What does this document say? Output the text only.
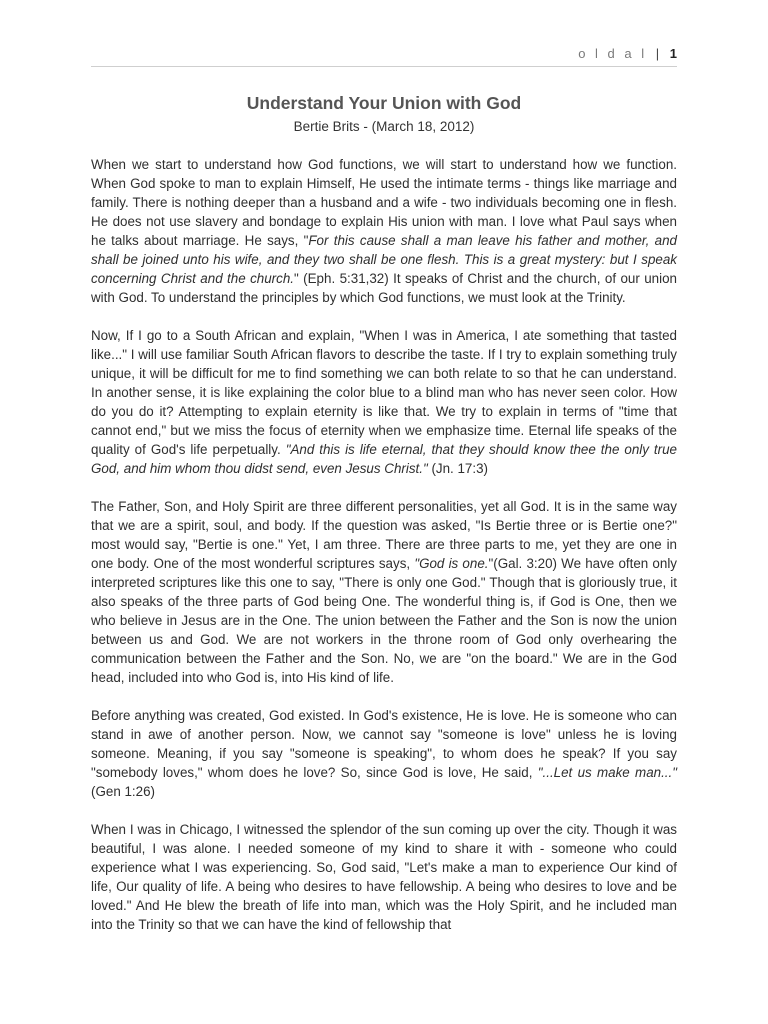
o l d a l | 1
Understand Your Union with God
Bertie Brits - (March 18, 2012)

When we start to understand how God functions, we will start to understand how we function. When God spoke to man to explain Himself, He used the intimate terms - things like marriage and family. There is nothing deeper than a husband and a wife - two individuals becoming one in flesh. He does not use slavery and bondage to explain His union with man. I love what Paul says when he talks about marriage. He says, "For this cause shall a man leave his father and mother, and shall be joined unto his wife, and they two shall be one flesh. This is a great mystery: but I speak concerning Christ and the church." (Eph. 5:31,32) It speaks of Christ and the church, of our union with God. To understand the principles by which God functions, we must look at the Trinity.

Now, If I go to a South African and explain, "When I was in America, I ate something that tasted like..." I will use familiar South African flavors to describe the taste. If I try to explain something truly unique, it will be difficult for me to find something we can both relate to so that he can understand. In another sense, it is like explaining the color blue to a blind man who has never seen color. How do you do it? Attempting to explain eternity is like that. We try to explain in terms of "time that cannot end," but we miss the focus of eternity when we emphasize time. Eternal life speaks of the quality of God's life perpetually. "And this is life eternal, that they should know thee the only true God, and him whom thou didst send, even Jesus Christ." (Jn. 17:3)

The Father, Son, and Holy Spirit are three different personalities, yet all God. It is in the same way that we are a spirit, soul, and body. If the question was asked, "Is Bertie three or is Bertie one?" most would say, "Bertie is one." Yet, I am three. There are three parts to me, yet they are one in one body. One of the most wonderful scriptures says, "God is one."(Gal. 3:20) We have often only interpreted scriptures like this one to say, "There is only one God." Though that is gloriously true, it also speaks of the three parts of God being One. The wonderful thing is, if God is One, then we who believe in Jesus are in the One. The union between the Father and the Son is now the union between us and God. We are not workers in the throne room of God only overhearing the communication between the Father and the Son. No, we are "on the board." We are in the God head, included into who God is, into His kind of life.

Before anything was created, God existed. In God's existence, He is love. He is someone who can stand in awe of another person. Now, we cannot say "someone is love" unless he is loving someone. Meaning, if you say "someone is speaking", to whom does he speak? If you say "somebody loves," whom does he love? So, since God is love, He said, "...Let us make man..." (Gen 1:26)

When I was in Chicago, I witnessed the splendor of the sun coming up over the city. Though it was beautiful, I was alone. I needed someone of my kind to share it with - someone who could experience what I was experiencing. So, God said, "Let's make a man to experience Our kind of life, Our quality of life. A being who desires to have fellowship. A being who desires to love and be loved." And He blew the breath of life into man, which was the Holy Spirit, and he included man into the Trinity so that we can have the kind of fellowship that
